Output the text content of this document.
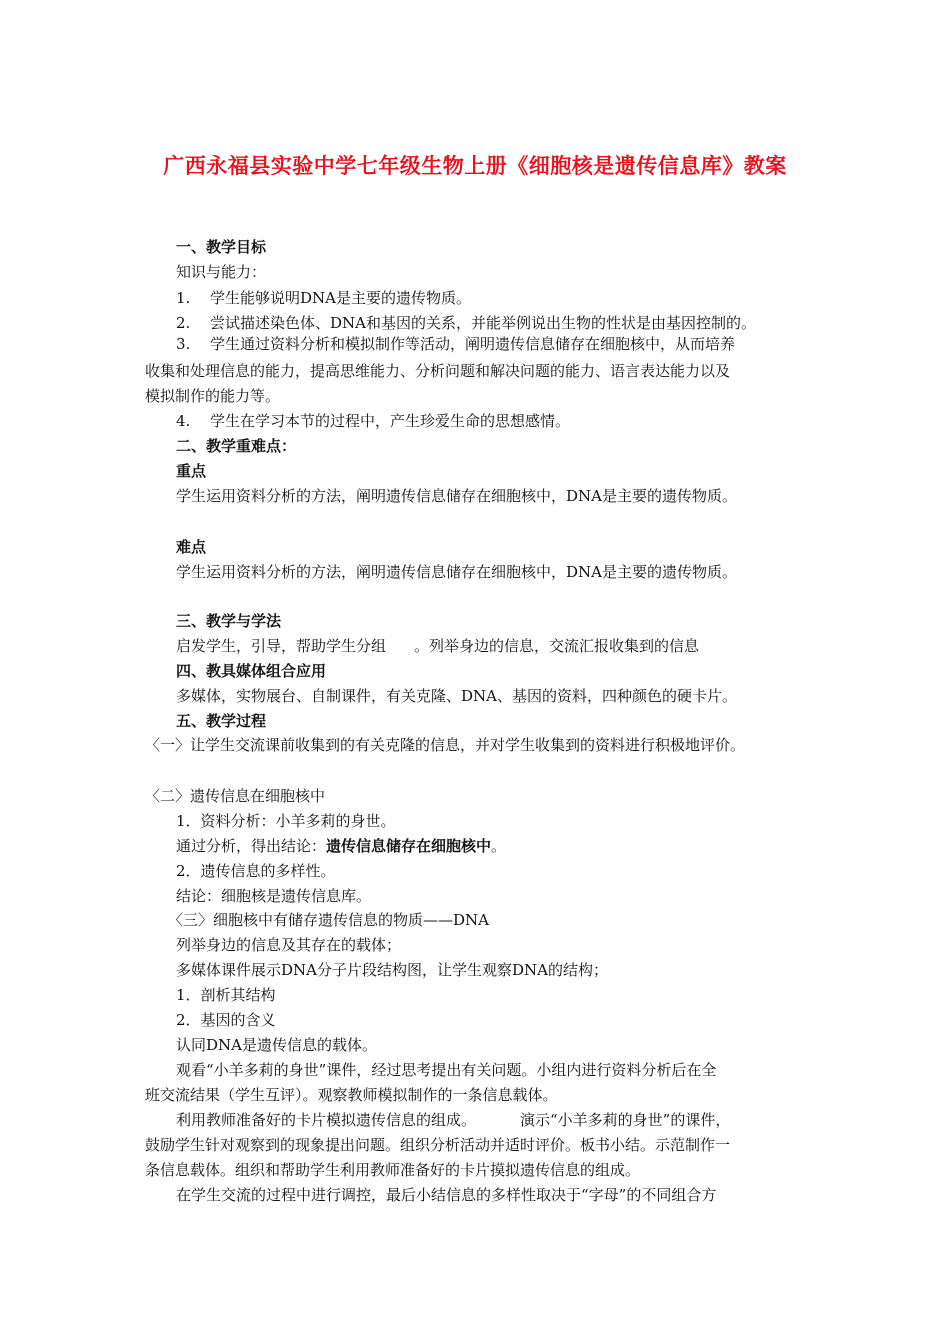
广西永福县实验中学七年级生物上册《细胞核是遗传信息库》教案
一、教学目标
知识与能力：
1. 学生能够说明DNA是主要的遗传物质。
2. 尝试描述染色体、DNA和基因的关系，并能举例说出生物的性状是由基因控制的。
3. 学生通过资料分析和模拟制作等活动，阐明遗传信息储存在细胞核中，从而培养
收集和处理信息的能力，提高思维能力、分析问题和解决问题的能力、语言表达能力以及
模拟制作的能力等。
4. 学生在学习本节的过程中，产生珍爱生命的思想感情。
二、教学重难点：
重点
学生运用资料分析的方法，阐明遗传信息储存在细胞核中，DNA是主要的遗传物质。
难点
学生运用资料分析的方法，阐明遗传信息储存在细胞核中，DNA是主要的遗传物质。
三、教学与学法
启发学生，引导，帮助学生分组 。列举身边的信息，交流汇报收集到的信息
四、教具媒体组合应用
多媒体，实物展台、自制课件，有关克隆、DNA、基因的资料，四种颜色的硬卡片。
五、教学过程
〈一〉让学生交流课前收集到的有关克隆的信息，并对学生收集到的资料进行积极地评价。
〈二〉遗传信息在细胞核中
1．资料分析：小羊多莉的身世。
通过分析，得出结论：遗传信息储存在细胞核中。
2．遗传信息的多样性。
结论：细胞核是遗传信息库。
〈三〉细胞核中有储存遗传信息的物质——DNA
列举身边的信息及其存在的载体；
多媒体课件展示DNA分子片段结构图，让学生观察DNA的结构；
1．剖析其结构
2．基因的含义
认同DNA是遗传信息的载体。
观看“小羊多莉的身世”课件，经过思考提出有关问题。小组内进行资料分析后在全
班交流结果（学生互评）。观察教师模拟制作的一条信息载体。
利用教师准备好的卡片模拟遗传信息的组成。	演示“小羊多莉的身世”的课件，
鼓励学生针对观察到的现象提出问题。组织分析活动并适时评价。板书小结。示范制作一
条信息载体。组织和帮助学生利用教师准备好的卡片摸拟遗传信息的组成。
在学生交流的过程中进行调控，最后小结信息的多样性取决于“字母”的不同组合方
